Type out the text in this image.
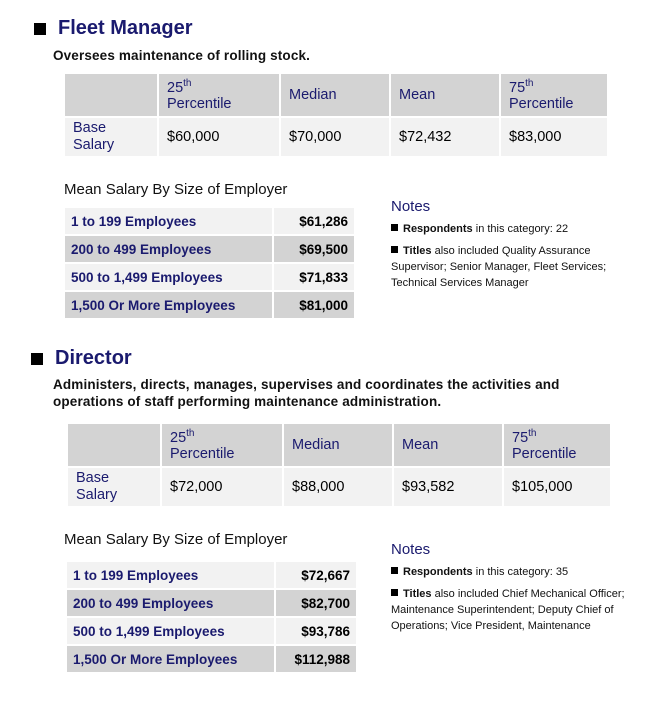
Fleet Manager
Oversees maintenance of rolling stock.
	25th
Percentile	Median	Mean	75th
Percentile
Base Salary	$60,000	$70,000	$72,432	$83,000
Mean Salary By Size of Employer
1 to 199 Employees	$61,286
200 to 499 Employees	$69,500
500 to 1,499 Employees	$71,833
1,500 Or More Employees	$81,000
Notes
Respondents in this category: 22
Titles also included Quality Assurance Supervisor; Senior Manager, Fleet Services; Technical Services Manager
Director
Administers, directs, manages, supervises and coordinates the activities and operations of staff performing maintenance administration.
	25th
Percentile	Median	Mean	75th
Percentile
Base Salary	$72,000	$88,000	$93,582	$105,000
Mean Salary By Size of Employer
1 to 199 Employees	$72,667
200 to 499 Employees	$82,700
500 to 1,499 Employees	$93,786
1,500 Or More Employees	$112,988
Notes
Respondents in this category: 35
Titles also included Chief Mechanical Officer; Maintenance Superintendent; Deputy Chief of Operations; Vice President, Maintenance
